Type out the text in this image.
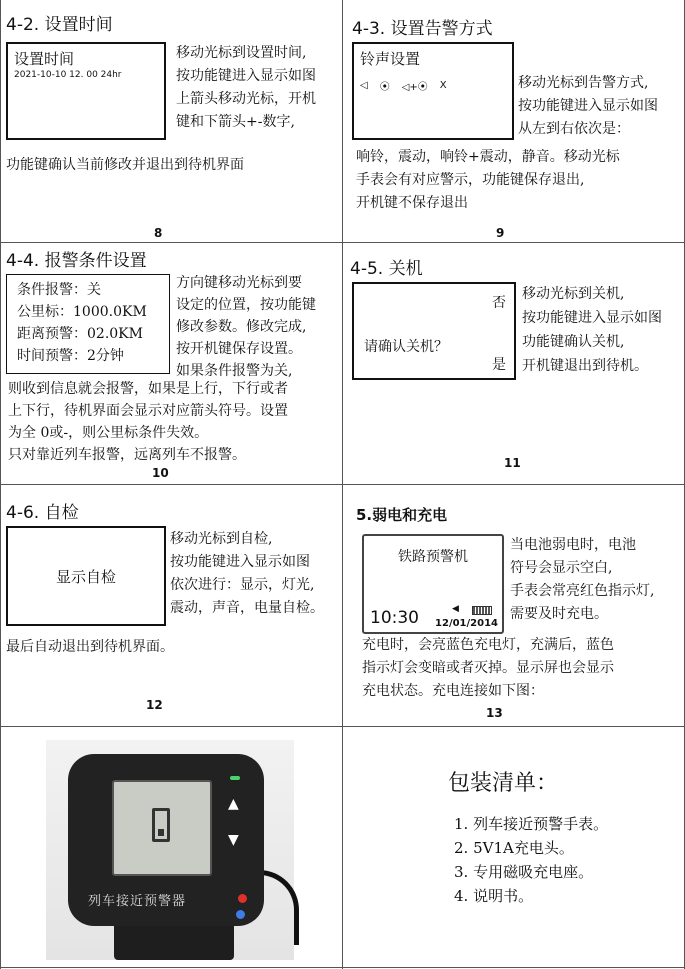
4-2. 设置时间
设置时间
2021-10-10 12. 00 24hr
移动光标到设置时间,
按功能键进入显示如图
上箭头移动光标，开机
键和下箭头+-数字,
功能键确认当前修改并退出到待机界面
8
4-3. 设置告警方式
铃声设置
◁ ⦿ ◁+⦿ X	移动光标到告警方式,
按功能键进入显示如图
从左到右依次是：
响铃，震动，响铃+震动，静音。移动光标
手表会有对应警示，功能键保存退出,
开机键不保存退出
9
4-4. 报警条件设置
条件报警：关
公里标：1000.0KM
距离预警：02.0KM
时间预警：2分钟
方向键移动光标到要
设定的位置，按功能键
修改参数。修改完成,
按开机键保存设置。
如果条件报警为关,
则收到信息就会报警，如果是上行，下行或者
上下行，待机界面会显示对应箭头符号。设置
为全 0或-，则公里标条件失效。
只对靠近列车报警，远离列车不报警。
10
4-5. 关机
否
请确认关机？
是
移动光标到关机,
按功能键进入显示如图
功能键确认关机,
开机键退出到待机。
11
4-6. 自检
显示自检
移动光标到自检,
按功能键进入显示如图
依次进行：显示，灯光,
震动，声音，电量自检。
最后自动退出到待机界面。
12
5.弱电和充电
铁路预警机
10:30	◀
12/01/2014
当电池弱电时，电池
符号会显示空白,
手表会常亮红色指示灯,
需要及时充电。
充电时，会亮蓝色充电灯，充满后，蓝色
指示灯会变暗或者灭掉。显示屏也会显示
充电状态。充电连接如下图：
13
▲
▼
列车接近预警器
包装清单：
1. 列车接近预警手表。
2. 5V1A充电头。
3. 专用磁吸充电座。
4. 说明书。
